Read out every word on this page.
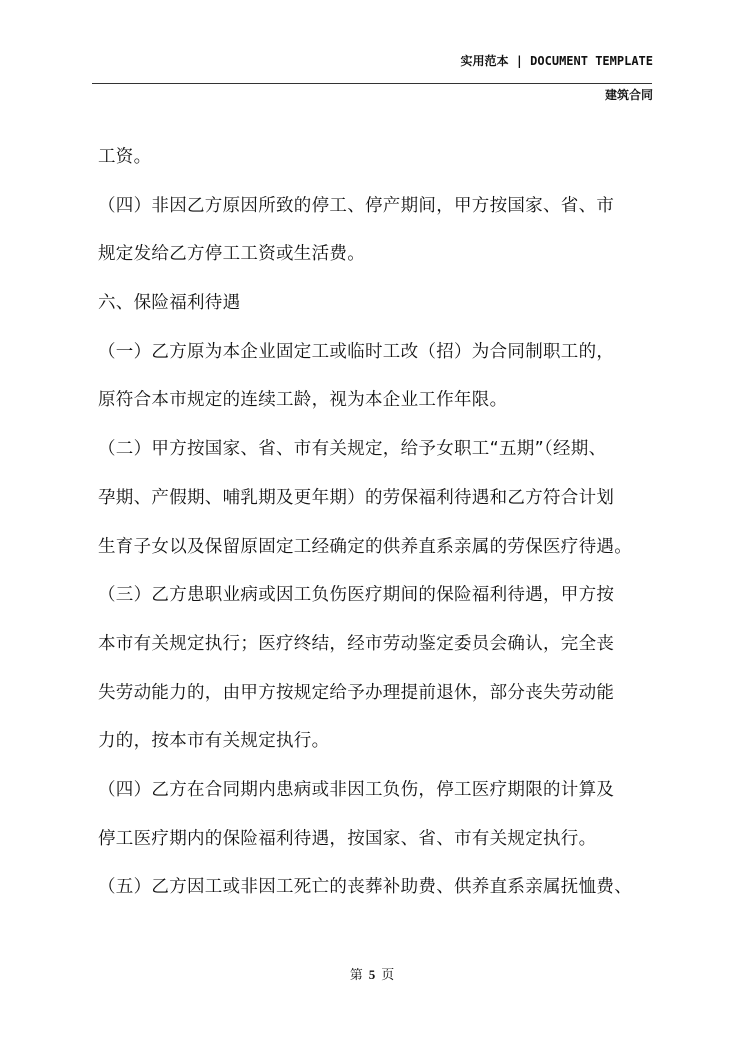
实用范本 | DOCUMENT TEMPLATE
建筑合同
工资。
（四）非因乙方原因所致的停工、停产期间，甲方按国家、省、市
规定发给乙方停工工资或生活费。
六、保险福利待遇
（一）乙方原为本企业固定工或临时工改（招）为合同制职工的，
原符合本市规定的连续工龄，视为本企业工作年限。
（二）甲方按国家、省、市有关规定，给予女职工“五期”（经期、
孕期、产假期、哺乳期及更年期）的劳保福利待遇和乙方符合计划
生育子女以及保留原固定工经确定的供养直系亲属的劳保医疗待遇。
（三）乙方患职业病或因工负伤医疗期间的保险福利待遇，甲方按
本市有关规定执行；医疗终结，经市劳动鉴定委员会确认，完全丧
失劳动能力的，由甲方按规定给予办理提前退休，部分丧失劳动能
力的，按本市有关规定执行。
（四）乙方在合同期内患病或非因工负伤，停工医疗期限的计算及
停工医疗期内的保险福利待遇，按国家、省、市有关规定执行。
（五）乙方因工或非因工死亡的丧葬补助费、供养直系亲属抚恤费、
第 5 页
